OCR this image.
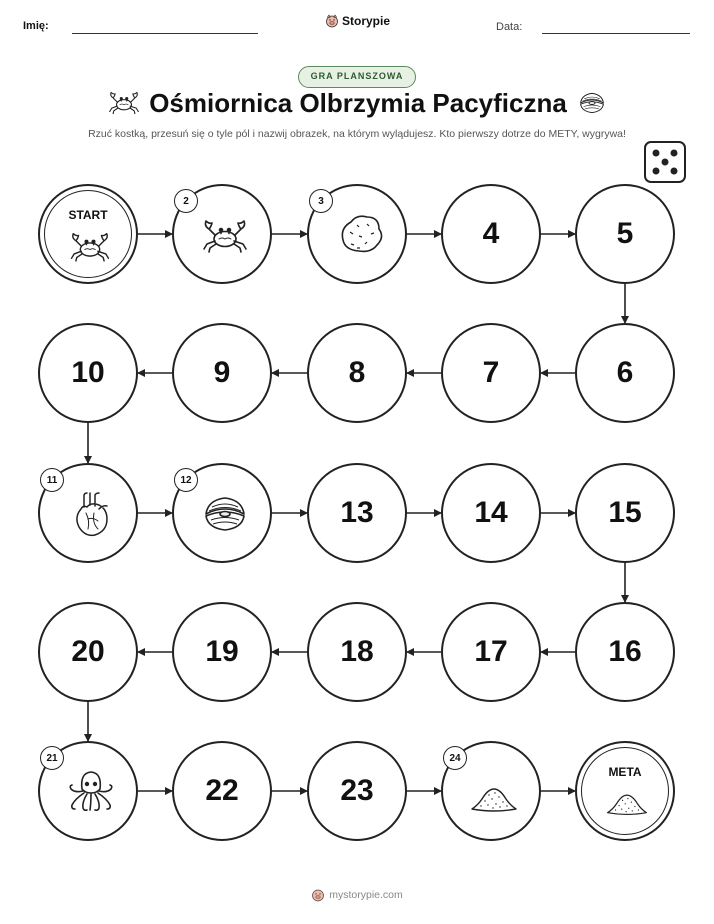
Imię:	Storypie	Data:
GRA PLANSZOWA
Ośmiornica Olbrzymia Pacyficzna
Rzuć kostką, przesuń się o tyle pól i nazwij obrazek, na którym wylądujesz. Kto pierwszy dotrze do METY, wygrywa!
START
2	3
4	5
6
7
8
9
10
11	12
13	14	15
16
17
18
19
20
21
22	23
24
META
mystorypie.com
